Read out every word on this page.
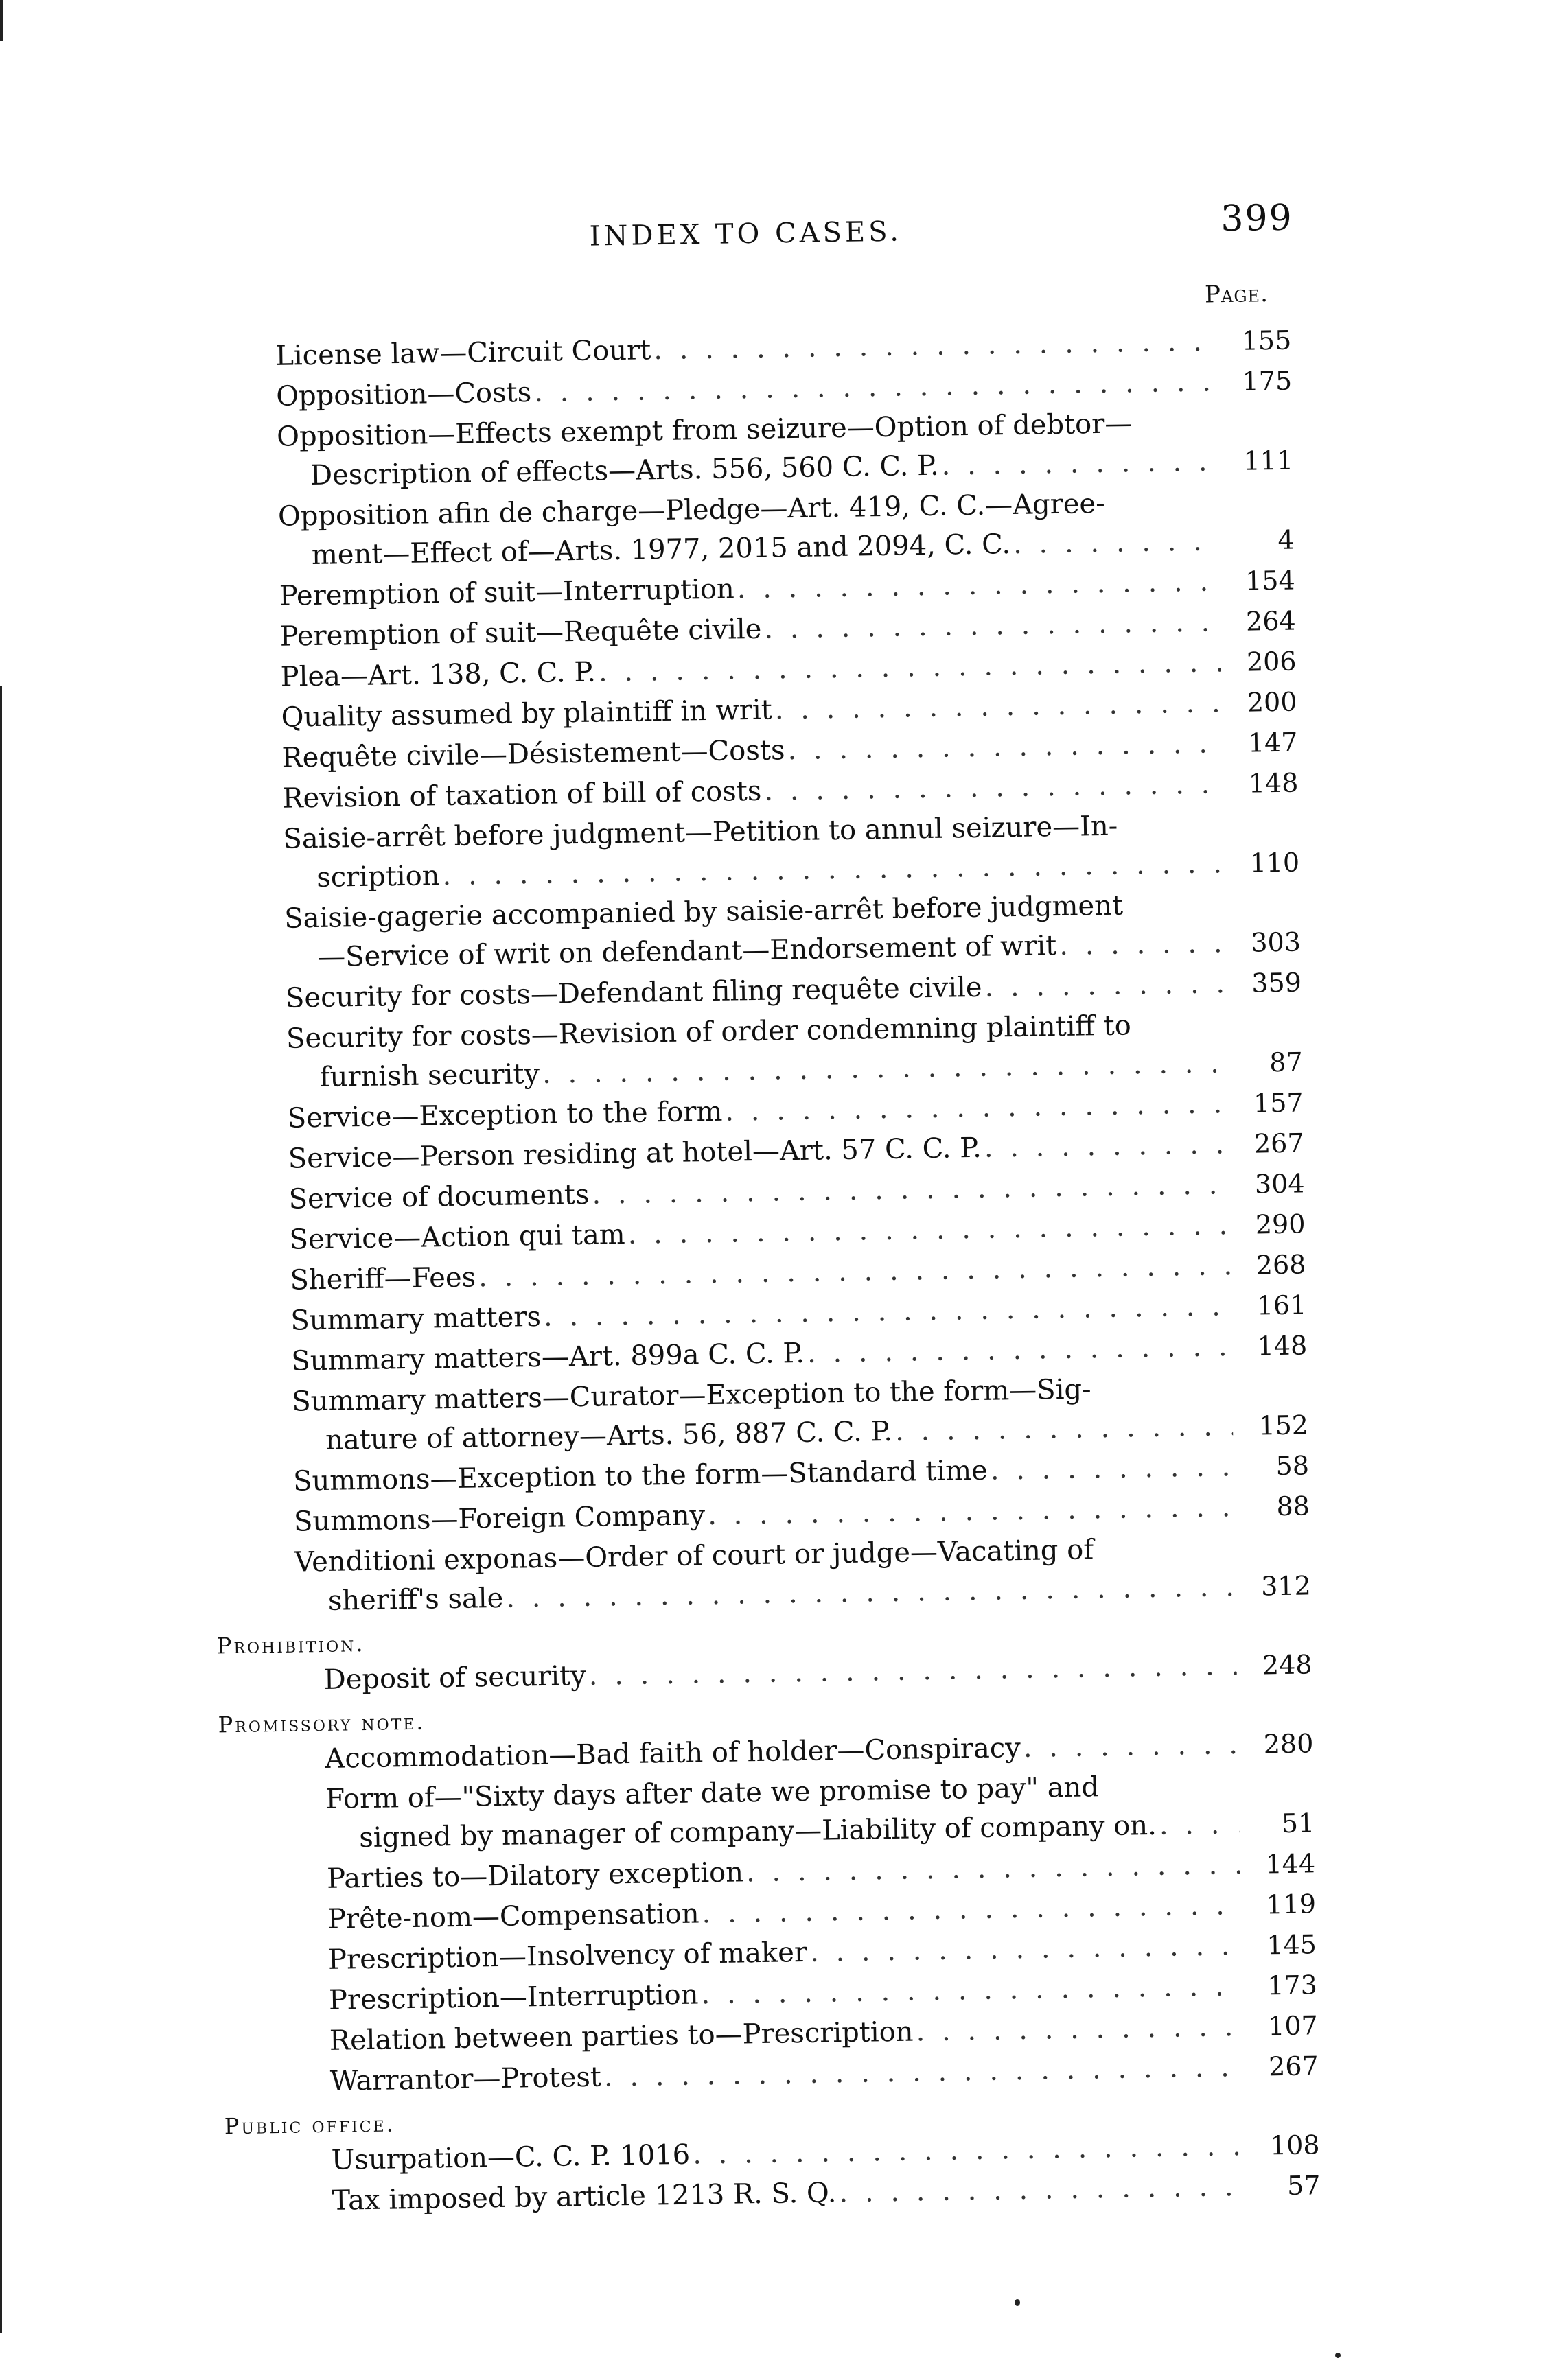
INDEX TO CASES.	399
Page.
License law—Circuit Court . . .	155
Opposition—Costs . . .	175
Opposition—Effects exempt from seizure—Option of debtor—
Description of effects—Arts. 556, 560 C. C. P. . . .	111
Opposition afin de charge—Pledge—Art. 419, C. C.—Agree-
ment—Effect of—Arts. 1977, 2015 and 2094, C. C. . . .	4
Peremption of suit—Interruption . . .	154
Peremption of suit—Requête civile . . .	264
Plea—Art. 138, C. C. P. . . .	206
Quality assumed by plaintiff in writ . . .	200
Requête civile—Désistement—Costs . . .	147
Revision of taxation of bill of costs . . .	148
Saisie-arrêt before judgment—Petition to annul seizure—In-
scription . . .	110
Saisie-gagerie accompanied by saisie-arrêt before judgment
—Service of writ on defendant—Endorsement of writ . . .	303
Security for costs—Defendant filing requête civile . . .	359
Security for costs—Revision of order condemning plaintiff to
furnish security . . .	87
Service—Exception to the form . . .	157
Service—Person residing at hotel—Art. 57 C. C. P. . . .	267
Service of documents . . .	304
Service—Action qui tam . . .	290
Sheriff—Fees . . .	268
Summary matters . . .	161
Summary matters—Art. 899a C. C. P. . . .	148
Summary matters—Curator—Exception to the form—Sig-
nature of attorney—Arts. 56, 887 C. C. P. . . .	152
Summons—Exception to the form—Standard time . . .	58
Summons—Foreign Company . . .	88
Venditioni exponas—Order of court or judge—Vacating of
sheriff's sale . . .	312
Prohibition.
Deposit of security . . .	248
Promissory note.
Accommodation—Bad faith of holder—Conspiracy . . .	280
Form of—"Sixty days after date we promise to pay" and
signed by manager of company—Liability of company on. . . .	51
Parties to—Dilatory exception . . .	144
Prête-nom—Compensation . . .	119
Prescription—Insolvency of maker . . .	145
Prescription—Interruption . . .	173
Relation between parties to—Prescription . . .	107
Warrantor—Protest . . .	267
Public office.
Usurpation—C. C. P. 1016 . . .	108
Tax imposed by article 1213 R. S. Q. . . .	57
